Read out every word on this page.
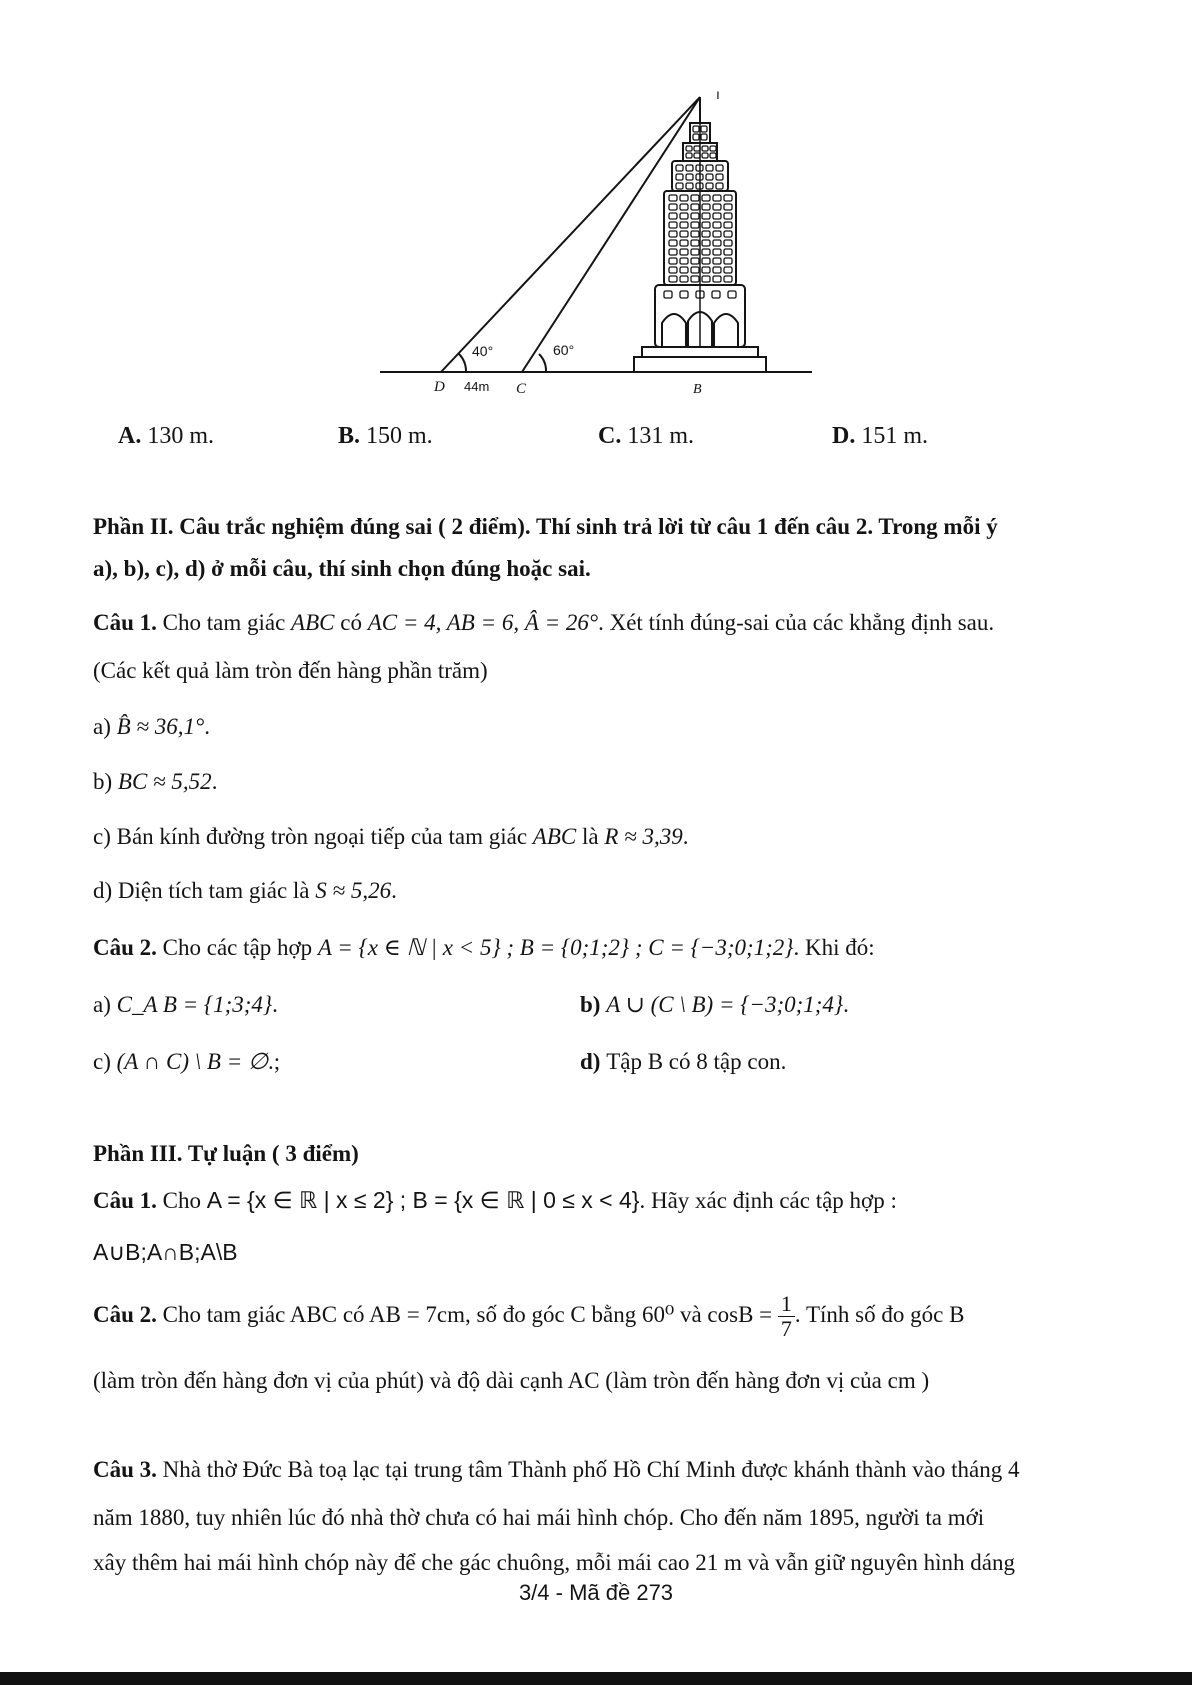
40°	60°
D 44m C	B
ı
A. 130 m.	B. 150 m.	C. 131 m.	D. 151 m.
Phần II. Câu trắc nghiệm đúng sai ( 2 điểm). Thí sinh trả lời từ câu 1 đến câu 2. Trong mỗi ý
a), b), c), d) ở mỗi câu, thí sinh chọn đúng hoặc sai.
Câu 1. Cho tam giác ABC có AC = 4, AB = 6, Â = 26°. Xét tính đúng-sai của các khẳng định sau.
(Các kết quả làm tròn đến hàng phần trăm)
a) B̂ ≈ 36,1°.
b) BC ≈ 5,52.
c) Bán kính đường tròn ngoại tiếp của tam giác ABC là R ≈ 3,39.
d) Diện tích tam giác là S ≈ 5,26.
Câu 2. Cho các tập hợp A = {x ∈ ℕ | x < 5} ; B = {0;1;2} ; C = {−3;0;1;2}. Khi đó:
a) C_A B = {1;3;4}.	b) A ∪ (C \ B) = {−3;0;1;4}.
c) (A ∩ C) \ B = ∅.;	d) Tập B có 8 tập con.
Phần III. Tự luận ( 3 điểm)
Câu 1. Cho A = {x ∈ ℝ | x ≤ 2} ; B = {x ∈ ℝ | 0 ≤ x < 4}. Hãy xác định các tập hợp :
A∪B;A∩B;A\B
Câu 2. Cho tam giác ABC có AB = 7cm, số đo góc C bằng 60⁰ và $\cos B = \frac{1}{7}$ . Tính số đo góc B
(làm tròn đến hàng đơn vị của phút) và độ dài cạnh AC (làm tròn đến hàng đơn vị của cm )
Câu 3. Nhà thờ Đức Bà toạ lạc tại trung tâm Thành phố Hồ Chí Minh được khánh thành vào tháng 4
năm 1880, tuy nhiên lúc đó nhà thờ chưa có hai mái hình chóp. Cho đến năm 1895, người ta mới
xây thêm hai mái hình chóp này để che gác chuông, mỗi mái cao 21 m và vẫn giữ nguyên hình dáng
3/4 - Mã đề 273
